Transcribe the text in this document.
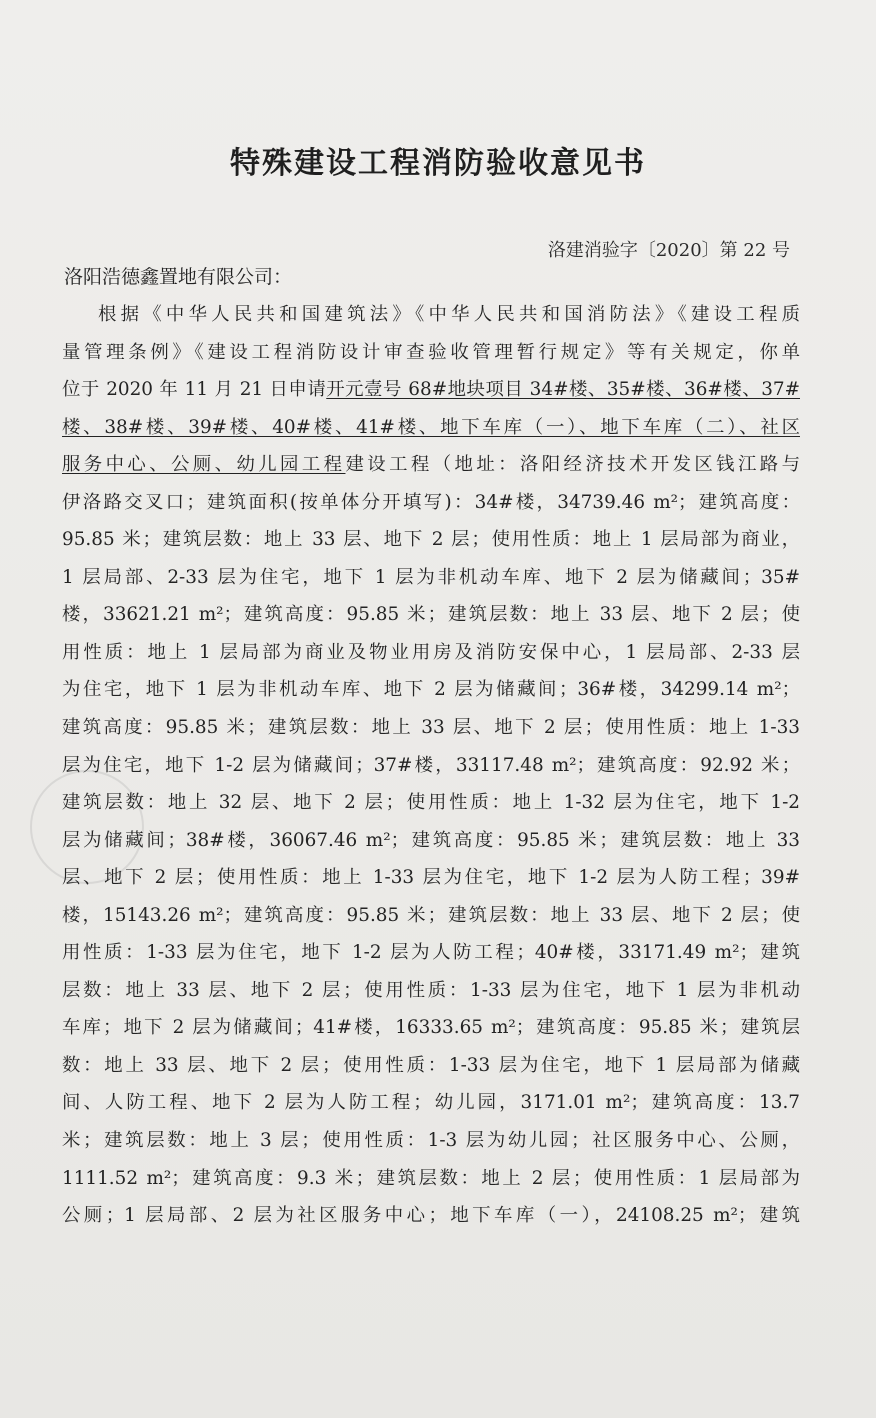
特殊建设工程消防验收意见书
洛建消验字〔2020〕第 22 号
洛阳浩德鑫置地有限公司：
根据《中华人民共和国建筑法》《中华人民共和国消防法》《建设工程质
量管理条例》《建设工程消防设计审查验收管理暂行规定》等有关规定，你单
位于 2020 年 11 月 21 日申请开元壹号 68#地块项目 34#楼、35#楼、36#楼、37#
楼、38#楼、39#楼、40#楼、41#楼、地下车库（一）、地下车库（二）、社区
服务中心、公厕、幼儿园工程建设工程（地址：洛阳经济技术开发区钱江路与
伊洛路交叉口；建筑面积(按单体分开填写)：34#楼，34739.46 m²；建筑高度：
95.85 米；建筑层数：地上 33 层、地下 2 层；使用性质：地上 1 层局部为商业，
1 层局部、2-33 层为住宅，地下 1 层为非机动车库、地下 2 层为储藏间；35#
楼，33621.21 m²；建筑高度：95.85 米；建筑层数：地上 33 层、地下 2 层；使
用性质：地上 1 层局部为商业及物业用房及消防安保中心，1 层局部、2-33 层
为住宅，地下 1 层为非机动车库、地下 2 层为储藏间；36#楼，34299.14 m²；
建筑高度：95.85 米；建筑层数：地上 33 层、地下 2 层；使用性质：地上 1-33
层为住宅，地下 1-2 层为储藏间；37#楼，33117.48 m²；建筑高度：92.92 米；
建筑层数：地上 32 层、地下 2 层；使用性质：地上 1-32 层为住宅，地下 1-2
层为储藏间；38#楼，36067.46 m²；建筑高度：95.85 米；建筑层数：地上 33
层、地下 2 层；使用性质：地上 1-33 层为住宅，地下 1-2 层为人防工程；39#
楼，15143.26 m²；建筑高度：95.85 米；建筑层数：地上 33 层、地下 2 层；使
用性质：1-33 层为住宅，地下 1-2 层为人防工程；40#楼，33171.49 m²；建筑
层数：地上 33 层、地下 2 层；使用性质：1-33 层为住宅，地下 1 层为非机动
车库；地下 2 层为储藏间；41#楼，16333.65 m²；建筑高度：95.85 米；建筑层
数：地上 33 层、地下 2 层；使用性质：1-33 层为住宅，地下 1 层局部为储藏
间、人防工程、地下 2 层为人防工程；幼儿园，3171.01 m²；建筑高度：13.7
米；建筑层数：地上 3 层；使用性质：1-3 层为幼儿园；社区服务中心、公厕，
1111.52 m²；建筑高度：9.3 米；建筑层数：地上 2 层；使用性质：1 层局部为
公厕；1 层局部、2 层为社区服务中心；地下车库（一），24108.25 m²；建筑
